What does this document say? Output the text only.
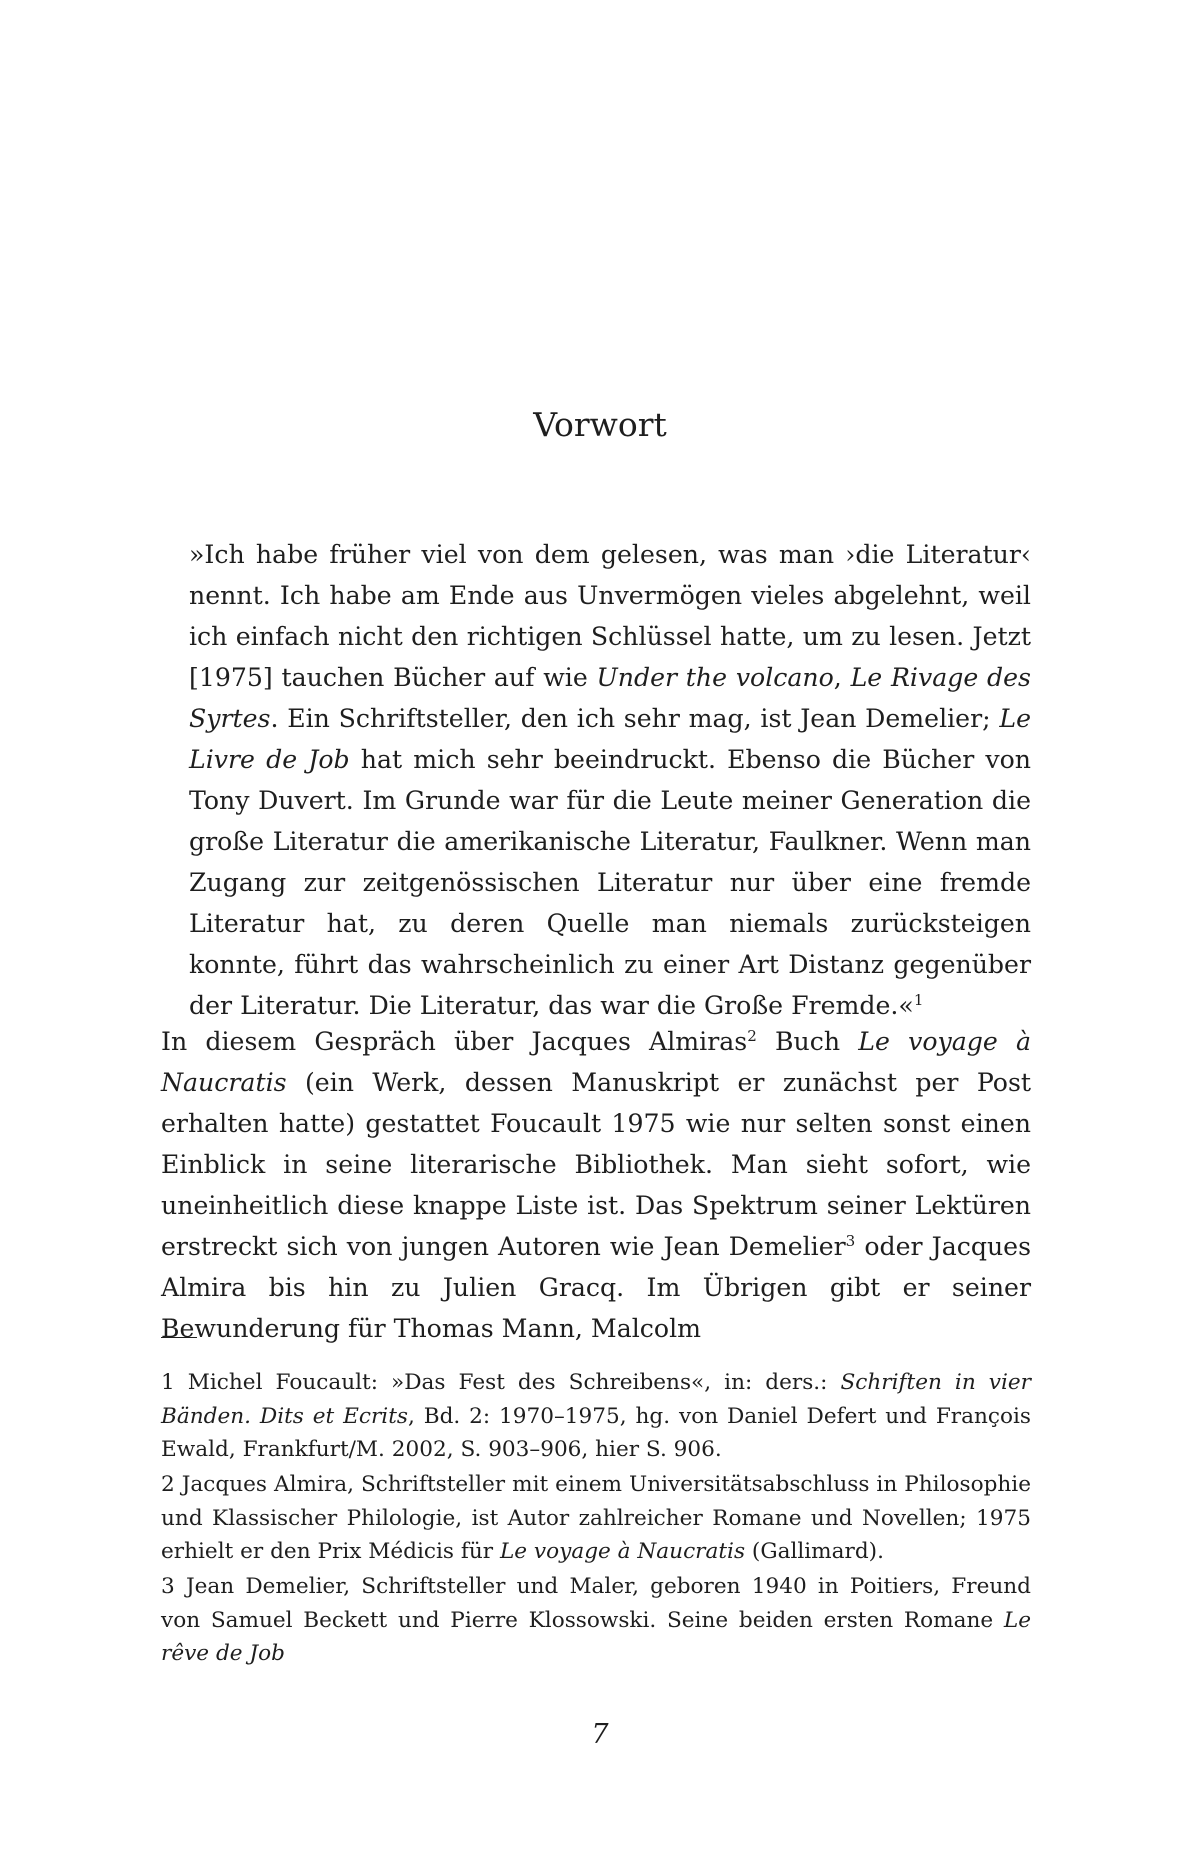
Vorwort

»Ich habe früher viel von dem gelesen, was man ›die Literatur‹ nennt. Ich habe am Ende aus Unvermögen vieles abgelehnt, weil ich einfach nicht den richtigen Schlüssel hatte, um zu lesen. Jetzt [1975] tauchen Bücher auf wie Under the volcano, Le Rivage des Syrtes. Ein Schriftsteller, den ich sehr mag, ist Jean Demelier; Le Livre de Job hat mich sehr beeindruckt. Ebenso die Bücher von Tony Duvert. Im Grunde war für die Leute meiner Generation die große Literatur die amerikanische Literatur, Faulkner. Wenn man Zugang zur zeitgenössischen Literatur nur über eine fremde Literatur hat, zu deren Quelle man niemals zurücksteigen konnte, führt das wahrscheinlich zu einer Art Distanz gegenüber der Literatur. Die Literatur, das war die Große Fremde.«$^1$

In diesem Gespräch über Jacques Almiras$^2$ Buch Le voyage à Naucratis (ein Werk, dessen Manuskript er zunächst per Post erhalten hatte) gestattet Foucault 1975 wie nur selten sonst einen Einblick in seine literarische Bibliothek. Man sieht sofort, wie uneinheitlich diese knappe Liste ist. Das Spektrum seiner Lektüren erstreckt sich von jungen Autoren wie Jean Demelier$^3$ oder Jacques Almira bis hin zu Julien Gracq. Im Übrigen gibt er seiner Bewunderung für Thomas Mann, Malcolm

1 Michel Foucault: »Das Fest des Schreibens«, in: ders.: Schriften in vier Bänden. Dits et Ecrits, Bd. 2: 1970–1975, hg. von Daniel Defert und François Ewald, Frankfurt/M. 2002, S. 903–906, hier S. 906.

2 Jacques Almira, Schriftsteller mit einem Universitätsabschluss in Philosophie und Klassischer Philologie, ist Autor zahlreicher Romane und Novellen; 1975 erhielt er den Prix Médicis für Le voyage à Naucratis (Gallimard).

3 Jean Demelier, Schriftsteller und Maler, geboren 1940 in Poitiers, Freund von Samuel Beckett und Pierre Klossowski. Seine beiden ersten Romane Le rêve de Job

7
